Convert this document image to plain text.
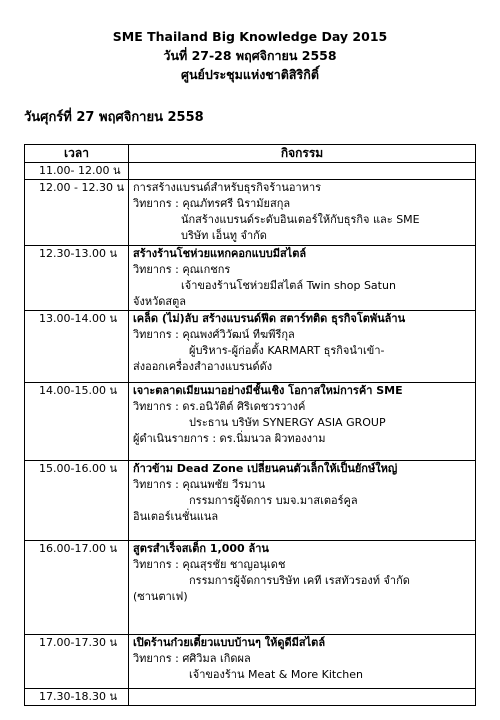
SME Thailand Big Knowledge Day 2015
วันที่ 27-28 พฤศจิกายน 2558
ศูนย์ประชุมแห่งชาติสิริกิติ์
วันศุกร์ที่ 27 พฤศจิกายน 2558
เวลา	กิจกรรม
11.00- 12.00 น	
12.00 - 12.30 น	การสร้างแบรนด์สำหรับธุรกิจร้านอาหาร
วิทยากร : คุณภัทรศรี นิรามัยสกุล
นักสร้างแบรนด์ระดับอินเตอร์ให้กับธุรกิจ และ SME
บริษัท เอ็นทู จำกัด

12.30-13.00 น	สร้างร้านโชห่วยแหกคอกแบบมีสไตล์
วิทยากร : คุณเกชกร
เจ้าของร้านโชห่วยมีสไตล์ Twin shop Satun
จังหวัดสตูล

13.00-14.00 น	เคล็ด (ไม่)ลับ สร้างแบรนด์ฟีด สตาร์ทติด ธุรกิจโตพันล้าน
วิทยากร : คุณพงศ์วิวัฒน์ ทีฆพีรีกุล
ผู้บริหาร-ผู้ก่อตั้ง KARMART ธุรกิจนำเข้า-
ส่งออกเครื่องสำอางแบรนด์ดัง

14.00-15.00 น	เจาะตลาดเมียนมาอย่างมีชั้นเชิง โอกาสใหม่การค้า SME
วิทยากร : ดร.อนิวัติต์ ศิริเดชวรวางค์
ประธาน บริษัท SYNERGY ASIA GROUP
ผู้ดำเนินรายการ : ดร.นิ่มนวล ผิวทองงาม

15.00-16.00 น	ก้าวข้าม Dead Zone เปลี่ยนคนตัวเล็กให้เป็นยักษ์ใหญ่
วิทยากร : คุณนพชัย วีรมาน
กรรมการผู้จัดการ บมจ.มาสเตอร์คูล
อินเตอร์เนชั่นแนล

16.00-17.00 น	สูตรสำเร็จสเต็ก 1,000 ล้าน
วิทยากร : คุณสุรชัย ชาญอนุเดช
กรรมการผู้จัดการบริษัท เคที เรสทัวรองท์ จำกัด
(ซานตาเฟ)

17.00-17.30 น	เปิดร้านก๋วยเตี๋ยวแบบบ้านๆ ให้ดูดีมีสไตล์
วิทยากร : ศศิวิมล เกิดผล
เจ้าของร้าน Meat & More Kitchen

17.30-18.30 น	
